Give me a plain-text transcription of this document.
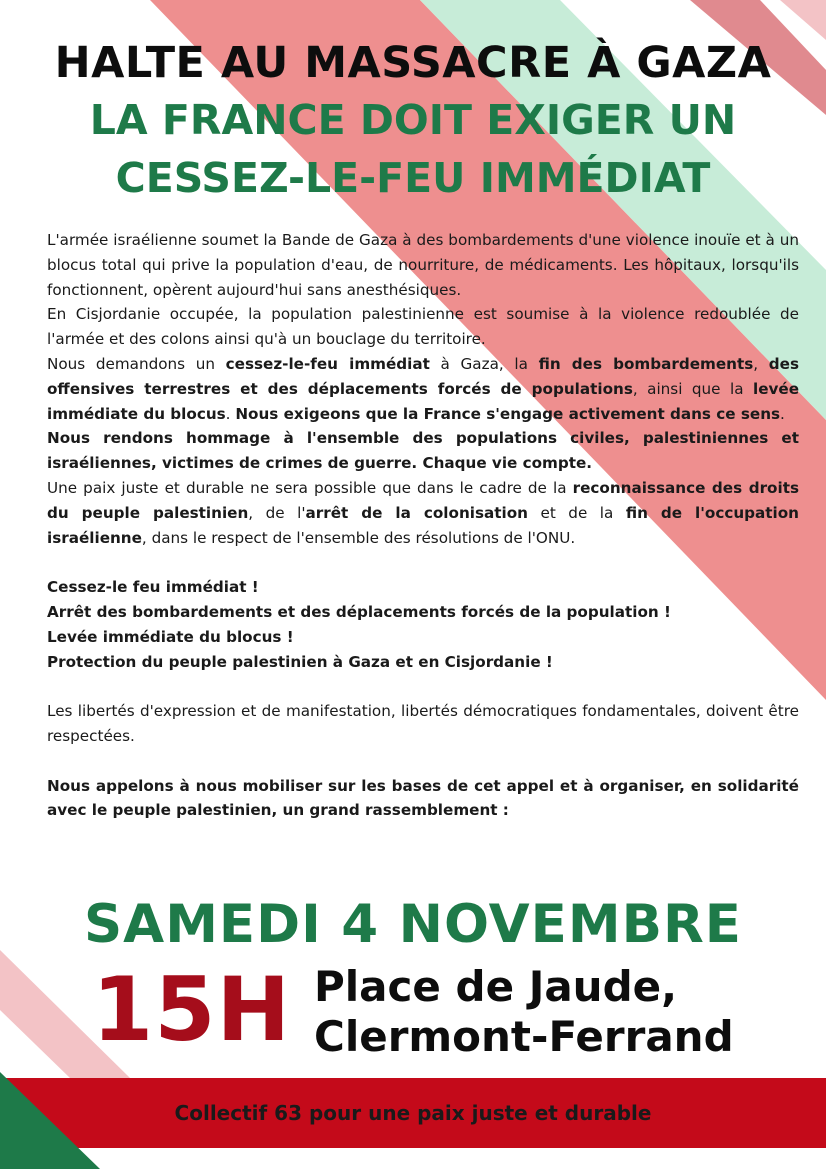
HALTE AU MASSACRE À GAZA
LA FRANCE DOIT EXIGER UN
CESSEZ-LE-FEU IMMÉDIAT

L'armée israélienne soumet la Bande de Gaza à des bombardements d'une violence inouïe et à un blocus total qui prive la population d'eau, de nourriture, de médicaments. Les hôpitaux, lorsqu'ils fonctionnent, opèrent aujourd'hui sans anesthésiques.

En Cisjordanie occupée, la population palestinienne est soumise à la violence redoublée de l'armée et des colons ainsi qu'à un bouclage du territoire.

Nous demandons un cessez-le-feu immédiat à Gaza, la fin des bombardements, des offensives terrestres et des déplacements forcés de populations, ainsi que la levée immédiate du blocus. Nous exigeons que la France s'engage activement dans ce sens.

Nous rendons hommage à l'ensemble des populations civiles, palestiniennes et israéliennes, victimes de crimes de guerre. Chaque vie compte.

Une paix juste et durable ne sera possible que dans le cadre de la reconnaissance des droits du peuple palestinien, de l'arrêt de la colonisation et de la fin de l'occupation israélienne, dans le respect de l'ensemble des résolutions de l'ONU.

Cessez-le feu immédiat !

Arrêt des bombardements et des déplacements forcés de la population !

Levée immédiate du blocus !

Protection du peuple palestinien à Gaza et en Cisjordanie !

Les libertés d'expression et de manifestation, libertés démocratiques fondamentales, doivent être respectées.

Nous appelons à nous mobiliser sur les bases de cet appel et à organiser, en solidarité avec le peuple palestinien, un grand rassemblement :

SAMEDI 4 NOVEMBRE

15H Place de Jaude,

Clermont-Ferrand

Collectif 63 pour une paix juste et durable
